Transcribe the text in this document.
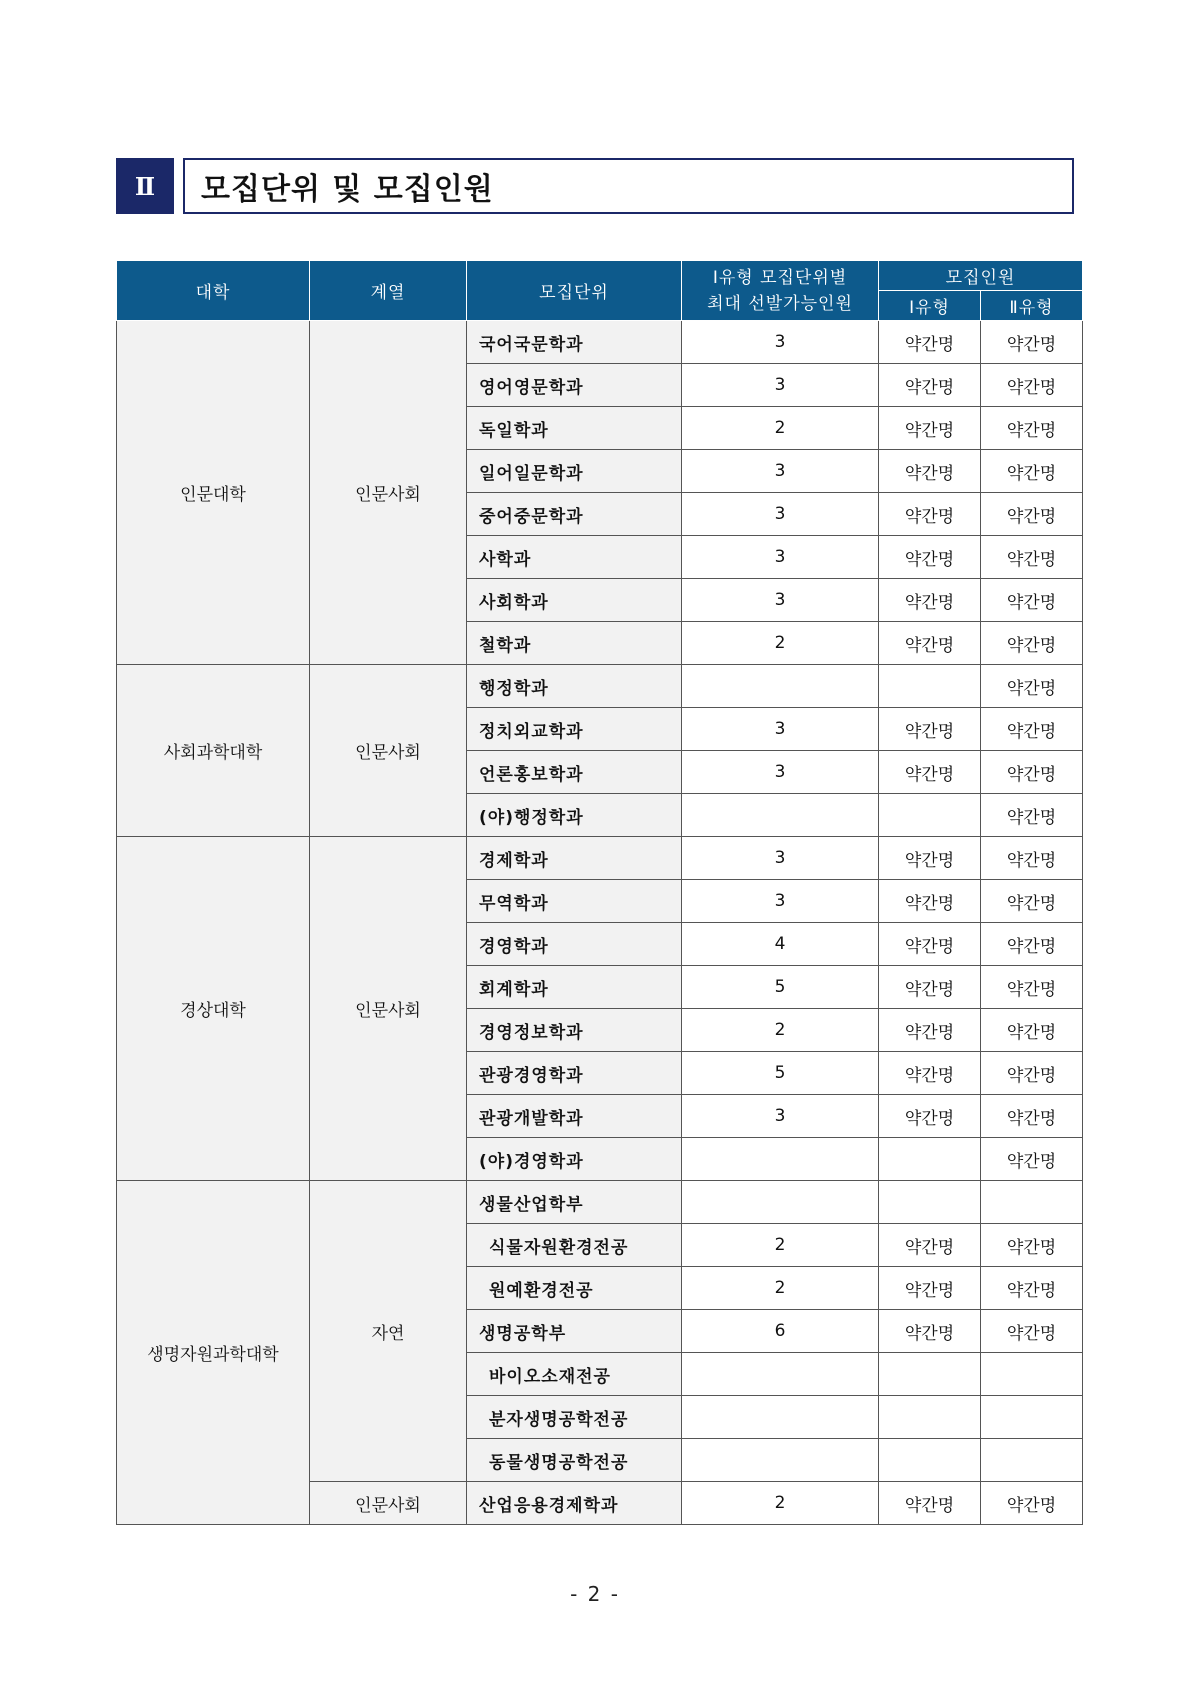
Ⅱ	모집단위 및 모집인원
대학	계열	모집단위	Ⅰ유형 모집단위별
최대 선발가능인원	모집인원	
				Ⅰ유형	Ⅱ유형
인문대학	인문사회	국어국문학과	3	약간명	약간명
		영어영문학과	3	약간명	약간명
		독일학과	2	약간명	약간명
		일어일문학과	3	약간명	약간명
		중어중문학과	3	약간명	약간명
		사학과	3	약간명	약간명
		사회학과	3	약간명	약간명
		철학과	2	약간명	약간명
사회과학대학	인문사회	행정학과			약간명
		정치외교학과	3	약간명	약간명
		언론홍보학과	3	약간명	약간명
		(야)행정학과			약간명
경상대학	인문사회	경제학과	3	약간명	약간명
		무역학과	3	약간명	약간명
		경영학과	4	약간명	약간명
		회계학과	5	약간명	약간명
		경영정보학과	2	약간명	약간명
		관광경영학과	5	약간명	약간명
		관광개발학과	3	약간명	약간명
		(야)경영학과			약간명
생명자원과학대학	자연	생물산업학부			
		식물자원환경전공	2	약간명	약간명
		원예환경전공	2	약간명	약간명
		생명공학부	6	약간명	약간명
		바이오소재전공			
		분자생명공학전공			
		동물생명공학전공			
	인문사회	산업응용경제학과	2	약간명	약간명
- 2 -
